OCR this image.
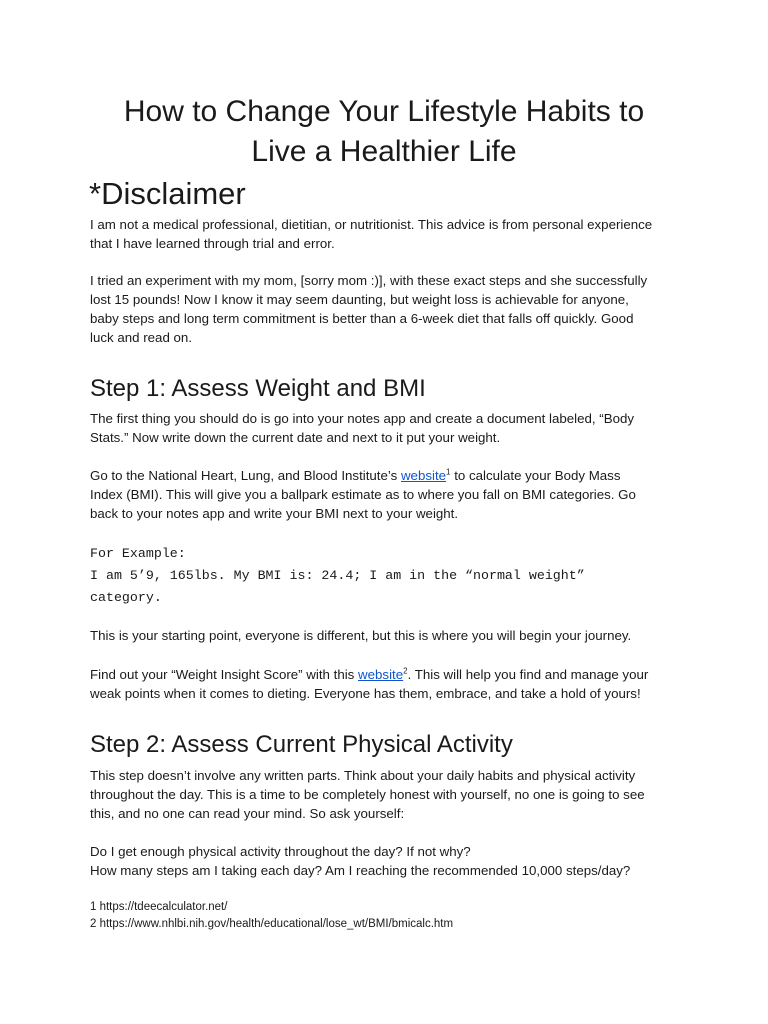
How to Change Your Lifestyle Habits to
Live a Healthier Life
*Disclaimer

I am not a medical professional, dietitian, or nutritionist. This advice is from personal experience
that I have learned through trial and error.

I tried an experiment with my mom, [sorry mom :)], with these exact steps and she successfully
lost 15 pounds! Now I know it may seem daunting, but weight loss is achievable for anyone,
baby steps and long term commitment is better than a 6-week diet that falls off quickly. Good
luck and read on.

Step 1: Assess Weight and BMI

The first thing you should do is go into your notes app and create a document labeled, “Body
Stats.” Now write down the current date and next to it put your weight.

Go to the National Heart, Lung, and Blood Institute’s website$^1$ to calculate your Body Mass
Index (BMI). This will give you a ballpark estimate as to where you fall on BMI categories. Go
back to your notes app and write your BMI next to your weight.

For Example:
I am 5’9, 165lbs. My BMI is: 24.4; I am in the “normal weight”
category.

This is your starting point, everyone is different, but this is where you will begin your journey.

Find out your “Weight Insight Score” with this website$^2$. This will help you find and manage your
weak points when it comes to dieting. Everyone has them, embrace, and take a hold of yours!

Step 2: Assess Current Physical Activity

This step doesn’t involve any written parts. Think about your daily habits and physical activity
throughout the day. This is a time to be completely honest with yourself, no one is going to see
this, and no one can read your mind. So ask yourself:

Do I get enough physical activity throughout the day? If not why?
How many steps am I taking each day? Am I reaching the recommended 10,000 steps/day?

1 https://tdeecalculator.net/

2 https://www.nhlbi.nih.gov/health/educational/lose_wt/BMI/bmicalc.htm
